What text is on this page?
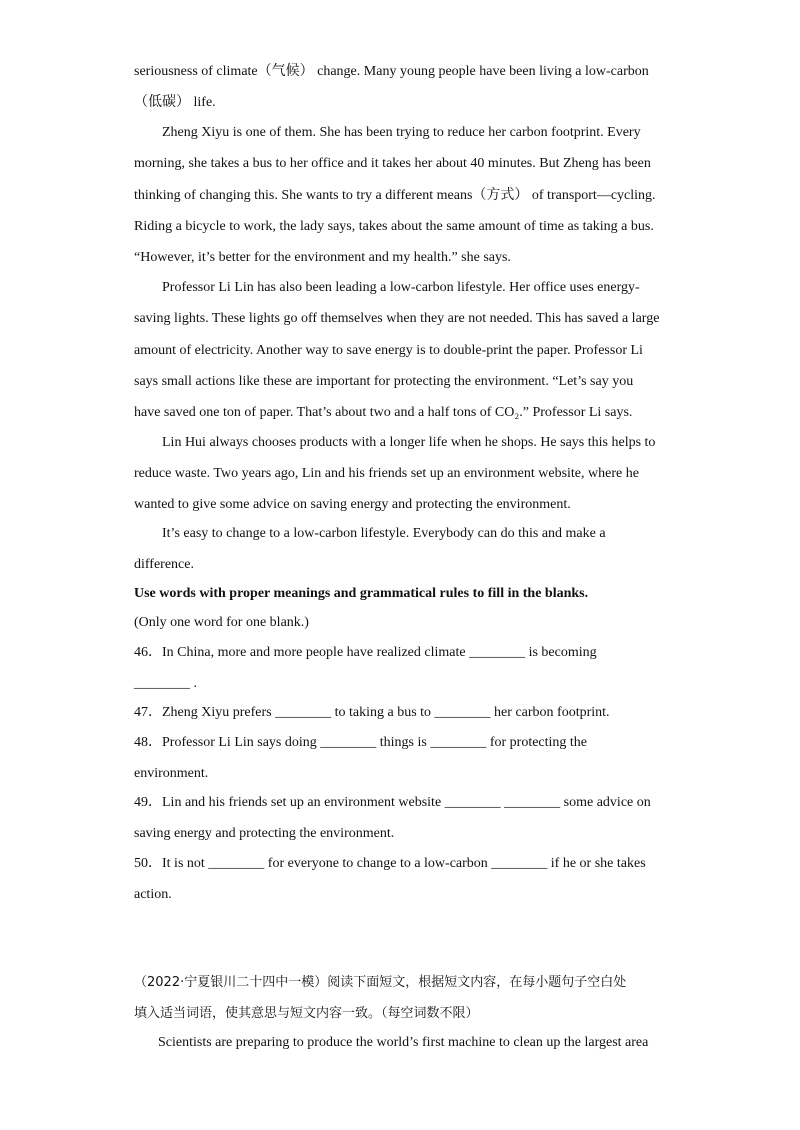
seriousness of climate（气候） change. Many young people have been living a low-carbon
（低碳） life.
Zheng Xiyu is one of them. She has been trying to reduce her carbon footprint. Every
morning, she takes a bus to her office and it takes her about 40 minutes. But Zheng has been
thinking of changing this. She wants to try a different means（方式） of transport—cycling.
Riding a bicycle to work, the lady says, takes about the same amount of time as taking a bus.
“However, it’s better for the environment and my health.” she says.
Professor Li Lin has also been leading a low-carbon lifestyle. Her office uses energy-
saving lights. These lights go off themselves when they are not needed. This has saved a large
amount of electricity. Another way to save energy is to double-print the paper. Professor Li
says small actions like these are important for protecting the environment. “Let’s say you
have saved one ton of paper. That’s about two and a half tons of CO₂.” Professor Li says.
Lin Hui always chooses products with a longer life when he shops. He says this helps to
reduce waste. Two years ago, Lin and his friends set up an environment website, where he
wanted to give some advice on saving energy and protecting the environment.
It’s easy to change to a low-carbon lifestyle. Everybody can do this and make a
difference.
Use words with proper meanings and grammatical rules to fill in the blanks.
(Only one word for one blank.)
46．In China, more and more people have realized climate ________ is becoming
________ .
47．Zheng Xiyu prefers ________ to taking a bus to ________ her carbon footprint.
48．Professor Li Lin says doing ________ things is ________ for protecting the
environment.
49．Lin and his friends set up an environment website ________ ________ some advice on
saving energy and protecting the environment.
50．It is not ________ for everyone to change to a low-carbon ________ if he or she takes
action.
（2022·宁夏银川二十四中一模）阅读下面短文，根据短文内容，在每小题句子空白处
填入适当词语，使其意思与短文内容一致。（每空词数不限）
Scientists are preparing to produce the world’s first machine to clean up the largest area
